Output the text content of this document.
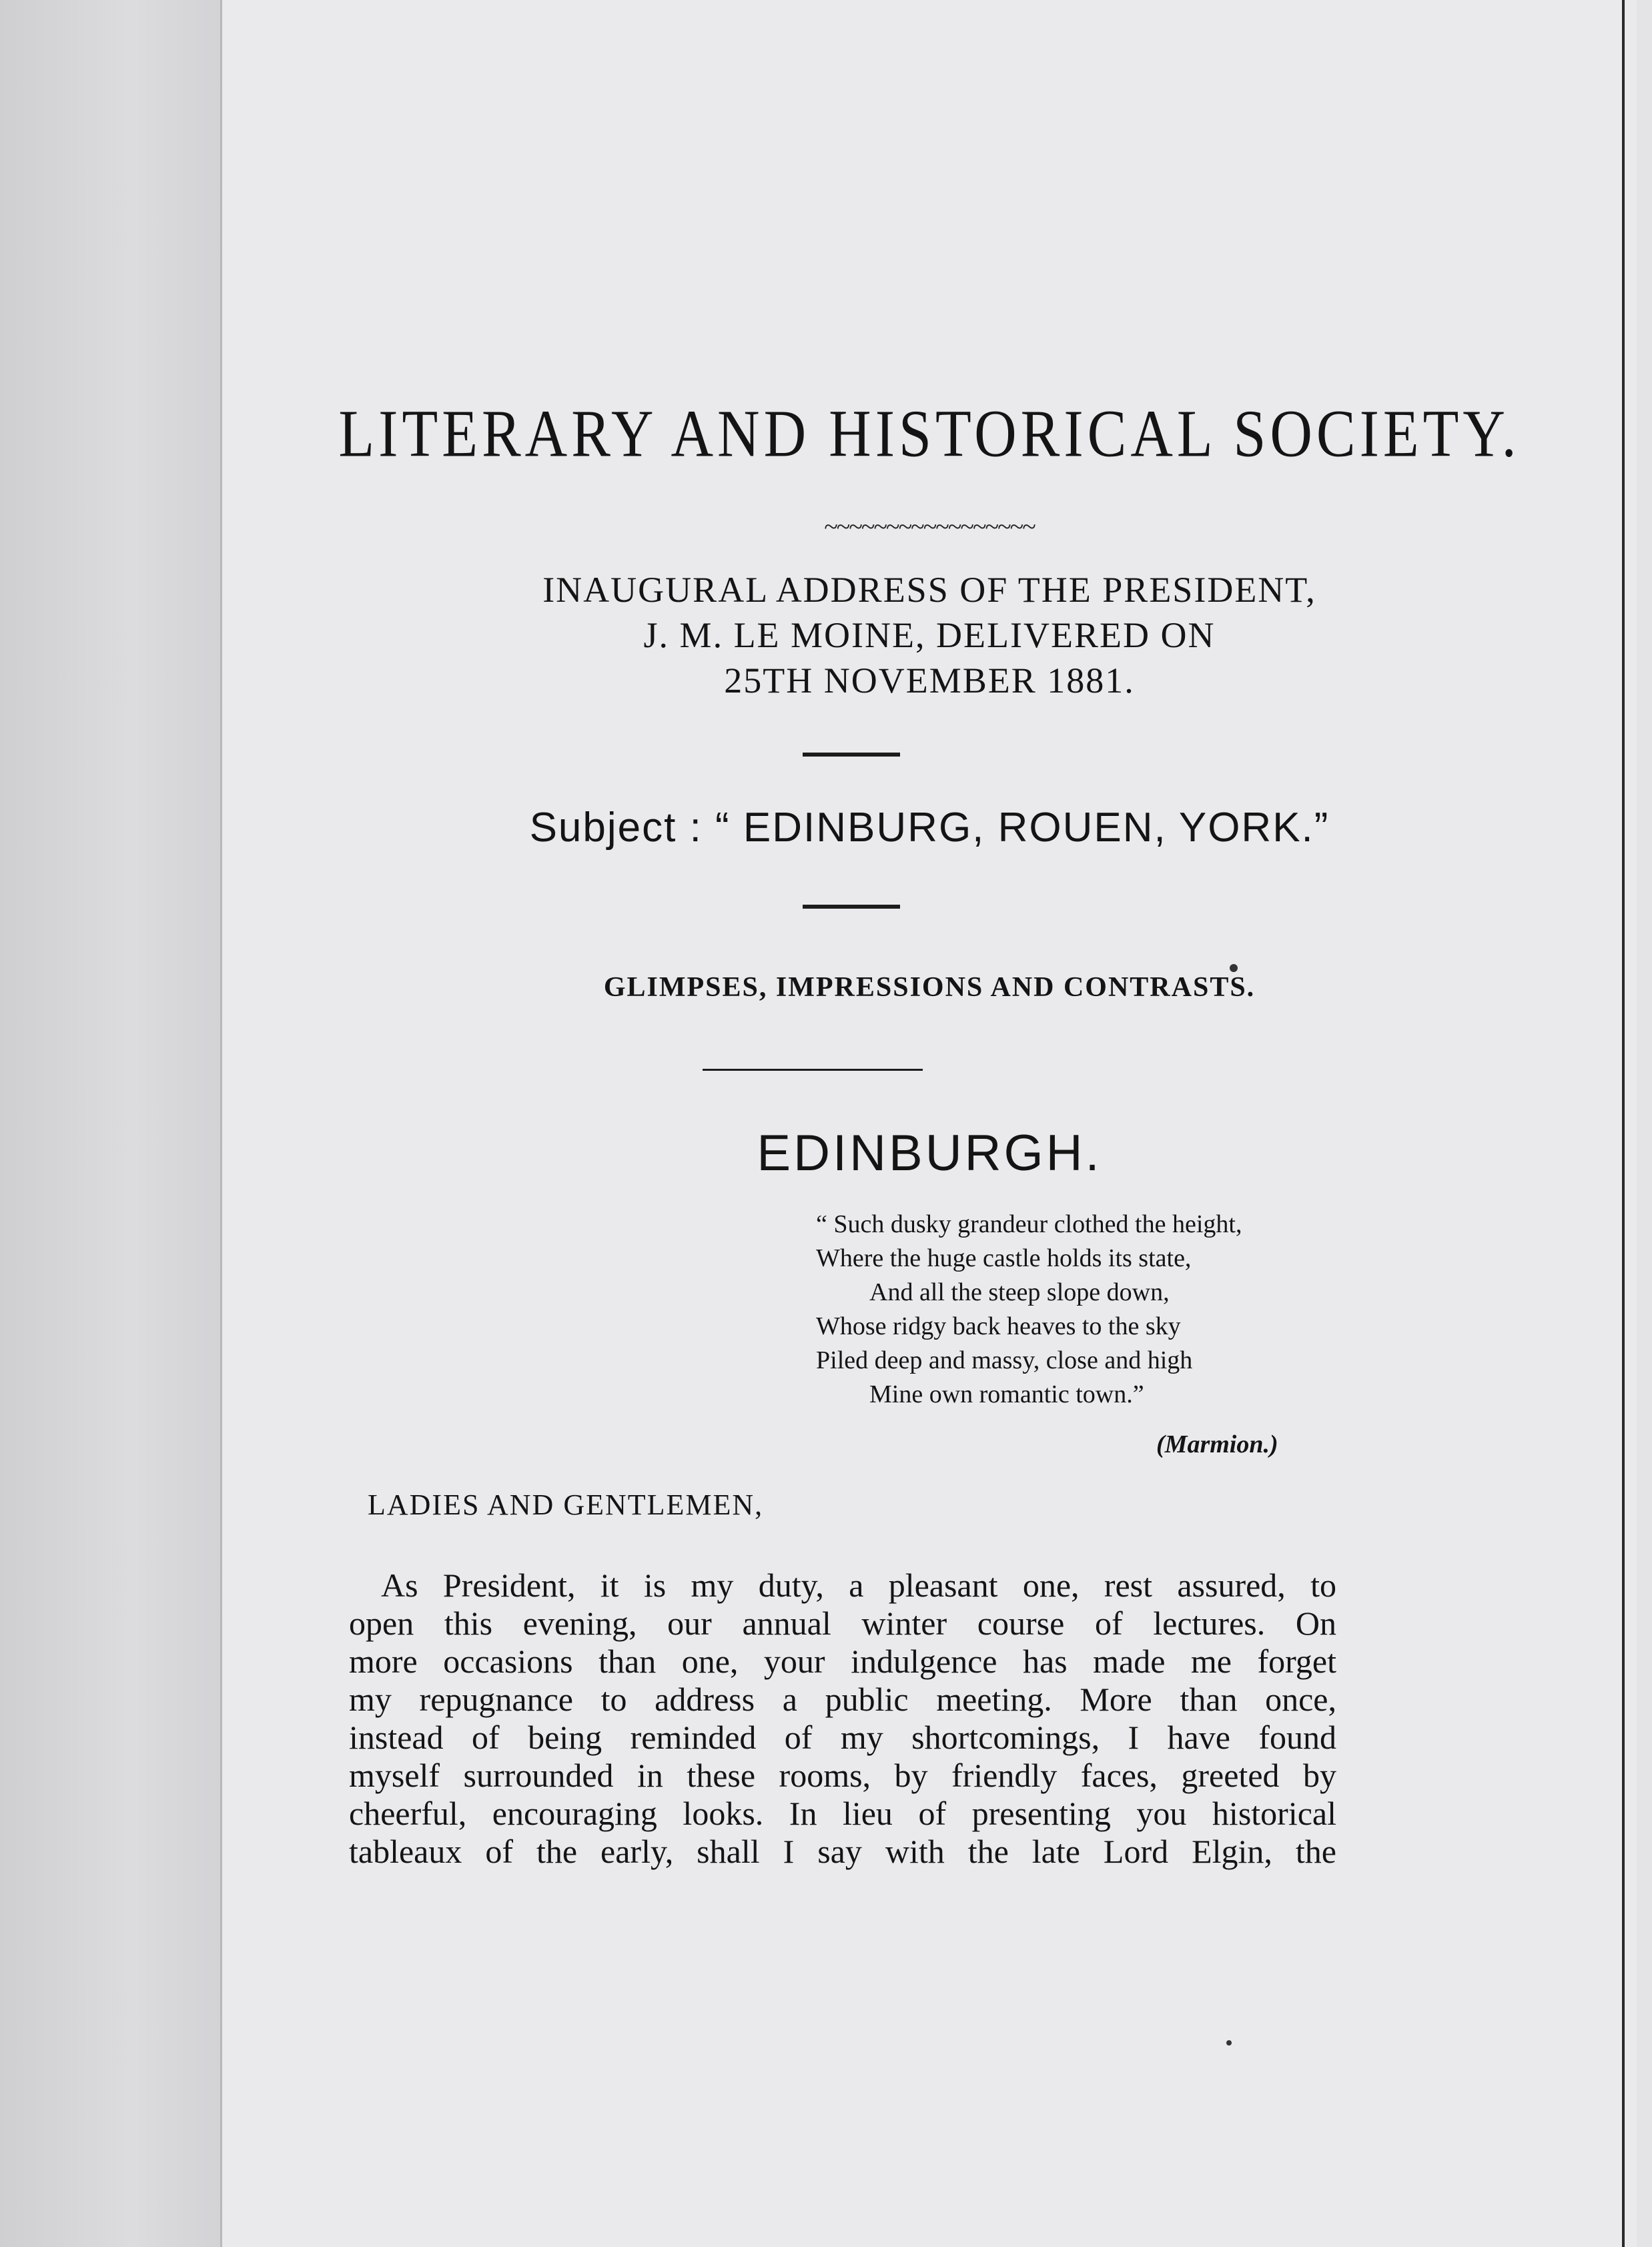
LITERARY AND HISTORICAL SOCIETY.
~~~~~~~~~~~~~~~~~
INAUGURAL ADDRESS OF THE PRESIDENT,
J. M. LE MOINE, DELIVERED ON
25TH NOVEMBER 1881.
Subject : “ EDINBURG, ROUEN, YORK.”
GLIMPSES, IMPRESSIONS AND CONTRASTS.
EDINBURGH.
“ Such dusky grandeur clothed the height,
Where the huge castle holds its state,
And all the steep slope down,
Whose ridgy back heaves to the sky
Piled deep and massy, close and high
Mine own romantic town.”
(Marmion.)
LADIES AND GENTLEMEN,
As President, it is my duty, a pleasant one, rest assured, to
open this evening, our annual winter course of lectures. On
more occasions than one, your indulgence has made me forget
my repugnance to address a public meeting. More than once,
instead of being reminded of my shortcomings, I have found
myself surrounded in these rooms, by friendly faces, greeted by
cheerful, encouraging looks. In lieu of presenting you historical
tableaux of the early, shall I say with the late Lord Elgin, the
